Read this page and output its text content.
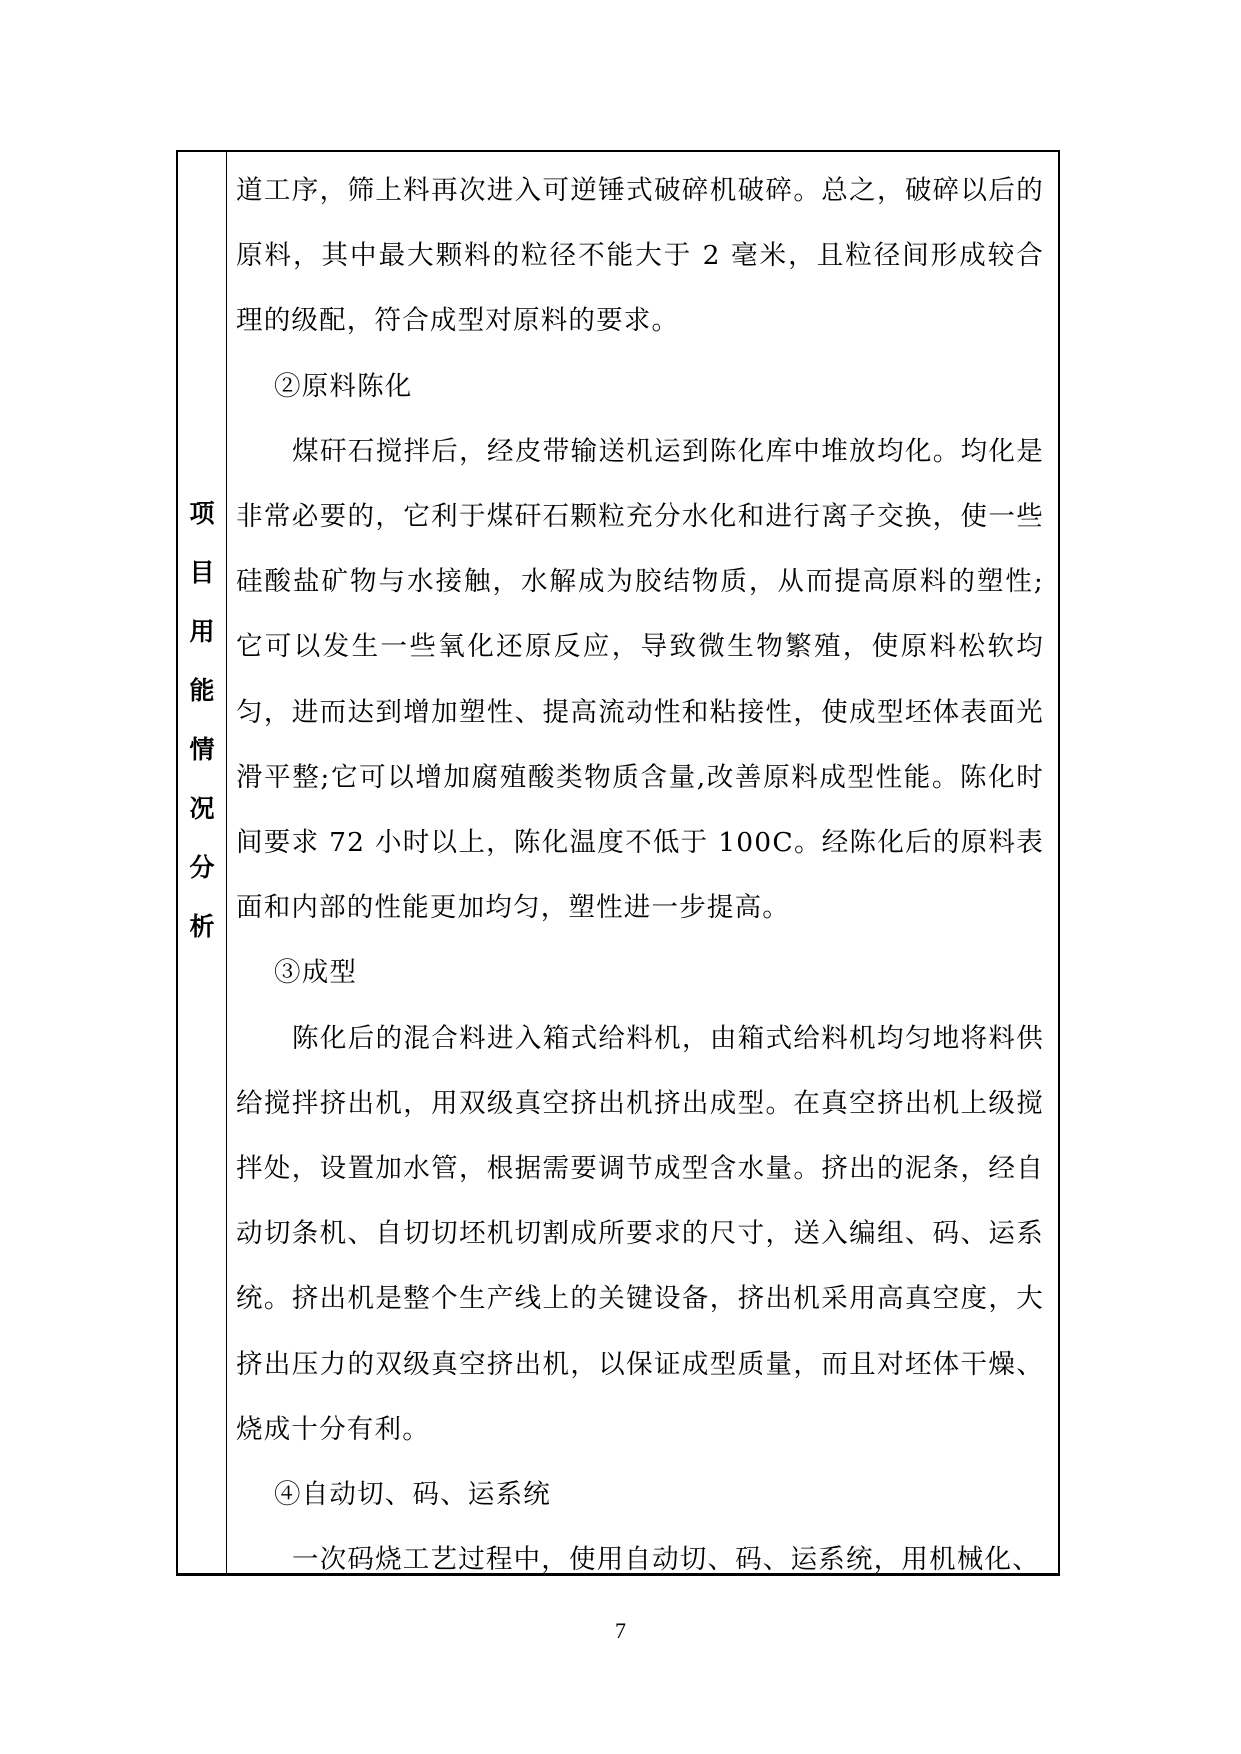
项
目
用
能
情
况
分
析

道工序，筛上料再次进入可逆锤式破碎机破碎。总之，破碎以后的原料，其中最大颗料的粒径不能大于 2 毫米，且粒径间形成较合理的级配，符合成型对原料的要求。

②原料陈化

煤矸石搅拌后，经皮带输送机运到陈化库中堆放均化。均化是非常必要的，它利于煤矸石颗粒充分水化和进行离子交换，使一些硅酸盐矿物与水接触，水解成为胶结物质，从而提高原料的塑性;它可以发生一些氧化还原反应，导致微生物繁殖，使原料松软均匀，进而达到增加塑性、提高流动性和粘接性，使成型坯体表面光滑平整;它可以增加腐殖酸类物质含量,改善原料成型性能。陈化时间要求 72 小时以上，陈化温度不低于 100C。经陈化后的原料表面和内部的性能更加均匀，塑性进一步提高。

③成型

陈化后的混合料进入箱式给料机，由箱式给料机均匀地将料供给搅拌挤出机，用双级真空挤出机挤出成型。在真空挤出机上级搅拌处，设置加水管，根据需要调节成型含水量。挤出的泥条，经自动切条机、自切切坯机切割成所要求的尺寸，送入编组、码、运系统。挤出机是整个生产线上的关键设备，挤出机采用高真空度，大挤出压力的双级真空挤出机，以保证成型质量，而且对坯体干燥、烧成十分有利。

④自动切、码、运系统

一次码烧工艺过程中，使用自动切、码、运系统，用机械化、

7
